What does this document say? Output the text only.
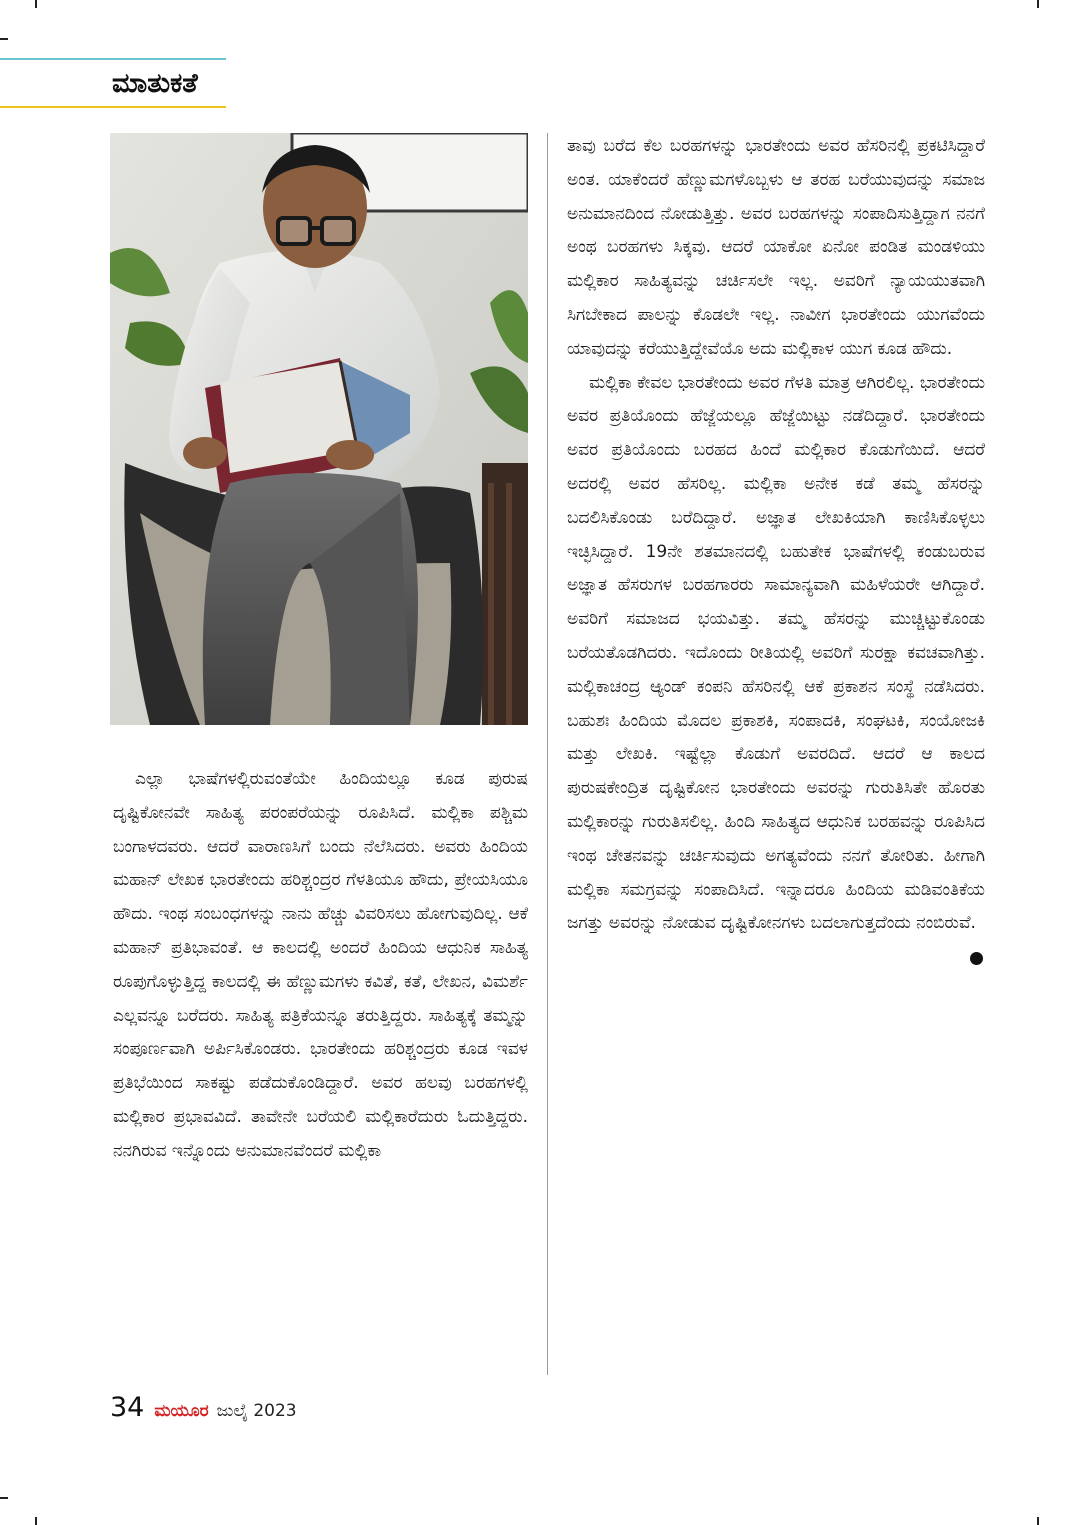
ಮಾತುಕತೆ

ಎಲ್ಲಾ ಭಾಷೆಗಳಲ್ಲಿರುವಂತೆಯೇ ಹಿಂದಿಯಲ್ಲೂ ಕೂಡ ಪುರುಷ ದೃಷ್ಟಿಕೋನವೇ ಸಾಹಿತ್ಯ ಪರಂಪರೆಯನ್ನು ರೂಪಿಸಿದೆ. ಮಲ್ಲಿಕಾ ಪಶ್ಚಿಮ ಬಂಗಾಳದವರು. ಆದರೆ ವಾರಾಣಸಿಗೆ ಬಂದು ನೆಲೆಸಿದರು. ಅವರು ಹಿಂದಿಯ ಮಹಾನ್ ಲೇಖಕ ಭಾರತೇಂದು ಹರಿಶ್ಚಂದ್ರರ ಗೆಳತಿಯೂ ಹೌದು, ಪ್ರೇಯಸಿಯೂ ಹೌದು. ಇಂಥ ಸಂಬಂಧಗಳನ್ನು ನಾನು ಹೆಚ್ಚು ವಿವರಿಸಲು ಹೋಗುವುದಿಲ್ಲ. ಆಕೆ ಮಹಾನ್ ಪ್ರತಿಭಾವಂತೆ. ಆ ಕಾಲದಲ್ಲಿ ಅಂದರೆ ಹಿಂದಿಯ ಆಧುನಿಕ ಸಾಹಿತ್ಯ ರೂಪುಗೊಳ್ಳುತ್ತಿದ್ದ ಕಾಲದಲ್ಲಿ ಈ ಹೆಣ್ಣುಮಗಳು ಕವಿತೆ, ಕತೆ, ಲೇಖನ, ವಿಮರ್ಶೆ ಎಲ್ಲವನ್ನೂ ಬರೆದರು. ಸಾಹಿತ್ಯ ಪತ್ರಿಕೆಯನ್ನೂ ತರುತ್ತಿದ್ದರು. ಸಾಹಿತ್ಯಕ್ಕೆ ತಮ್ಮನ್ನು ಸಂಪೂರ್ಣವಾಗಿ ಅರ್ಪಿಸಿಕೊಂಡರು. ಭಾರತೇಂದು ಹರಿಶ್ಚಂದ್ರರು ಕೂಡ ಇವಳ ಪ್ರತಿಭೆಯಿಂದ ಸಾಕಷ್ಟು ಪಡೆದುಕೊಂಡಿದ್ದಾರೆ. ಅವರ ಹಲವು ಬರಹಗಳಲ್ಲಿ ಮಲ್ಲಿಕಾರ ಪ್ರಭಾವವಿದೆ. ತಾವೇನೇ ಬರೆಯಲಿ ಮಲ್ಲಿಕಾರೆದುರು ಓದುತ್ತಿದ್ದರು. ನನಗಿರುವ ಇನ್ನೊಂದು ಅನುಮಾನವೆಂದರೆ ಮಲ್ಲಿಕಾ

ತಾವು ಬರೆದ ಕೆಲ ಬರಹಗಳನ್ನು ಭಾರತೇಂದು ಅವರ ಹೆಸರಿನಲ್ಲಿ ಪ್ರಕಟಿಸಿದ್ದಾರೆ ಅಂತ. ಯಾಕೆಂದರೆ ಹೆಣ್ಣುಮಗಳೊಬ್ಬಳು ಆ ತರಹ ಬರೆಯುವುದನ್ನು ಸಮಾಜ ಅನುಮಾನದಿಂದ ನೋಡುತ್ತಿತ್ತು. ಅವರ ಬರಹಗಳನ್ನು ಸಂಪಾದಿಸುತ್ತಿದ್ದಾಗ ನನಗೆ ಅಂಥ ಬರಹಗಳು ಸಿಕ್ಕವು. ಆದರೆ ಯಾಕೋ ಏನೋ ಪಂಡಿತ ಮಂಡಳಿಯು ಮಲ್ಲಿಕಾರ ಸಾಹಿತ್ಯವನ್ನು ಚರ್ಚಿಸಲೇ ಇಲ್ಲ. ಅವರಿಗೆ ನ್ಯಾಯಯುತವಾಗಿ ಸಿಗಬೇಕಾದ ಪಾಲನ್ನು ಕೊಡಲೇ ಇಲ್ಲ. ನಾವೀಗ ಭಾರತೇಂದು ಯುಗವೆಂದು ಯಾವುದನ್ನು ಕರೆಯುತ್ತಿದ್ದೇವೆಯೊ ಅದು ಮಲ್ಲಿಕಾಳ ಯುಗ ಕೂಡ ಹೌದು.

ಮಲ್ಲಿಕಾ ಕೇವಲ ಭಾರತೇಂದು ಅವರ ಗೆಳತಿ ಮಾತ್ರ ಆಗಿರಲಿಲ್ಲ. ಭಾರತೇಂದು ಅವರ ಪ್ರತಿಯೊಂದು ಹೆಜ್ಜೆಯಲ್ಲೂ ಹೆಜ್ಜೆಯಿಟ್ಟು ನಡೆದಿದ್ದಾರೆ. ಭಾರತೇಂದು ಅವರ ಪ್ರತಿಯೊಂದು ಬರಹದ ಹಿಂದೆ ಮಲ್ಲಿಕಾರ ಕೊಡುಗೆಯಿದೆ. ಆದರೆ ಅದರಲ್ಲಿ ಅವರ ಹೆಸರಿಲ್ಲ. ಮಲ್ಲಿಕಾ ಅನೇಕ ಕಡೆ ತಮ್ಮ ಹೆಸರನ್ನು ಬದಲಿಸಿಕೊಂಡು ಬರೆದಿದ್ದಾರೆ. ಅಜ್ಞಾತ ಲೇಖಕಿಯಾಗಿ ಕಾಣಿಸಿಕೊಳ್ಳಲು ಇಚ್ಛಿಸಿದ್ದಾರೆ. 19ನೇ ಶತಮಾನದಲ್ಲಿ ಬಹುತೇಕ ಭಾಷೆಗಳಲ್ಲಿ ಕಂಡುಬರುವ ಅಜ್ಞಾತ ಹೆಸರುಗಳ ಬರಹಗಾರರು ಸಾಮಾನ್ಯವಾಗಿ ಮಹಿಳೆಯರೇ ಆಗಿದ್ದಾರೆ. ಅವರಿಗೆ ಸಮಾಜದ ಭಯವಿತ್ತು. ತಮ್ಮ ಹೆಸರನ್ನು ಮುಚ್ಚಿಟ್ಟುಕೊಂಡು ಬರೆಯತೊಡಗಿದರು. ಇದೊಂದು ರೀತಿಯಲ್ಲಿ ಅವರಿಗೆ ಸುರಕ್ಷಾ ಕವಚವಾಗಿತ್ತು. ಮಲ್ಲಿಕಾಚಂದ್ರ ಆ್ಯಂಡ್ ಕಂಪನಿ ಹೆಸರಿನಲ್ಲಿ ಆಕೆ ಪ್ರಕಾಶನ ಸಂಸ್ಥೆ ನಡೆಸಿದರು. ಬಹುಶಃ ಹಿಂದಿಯ ಮೊದಲ ಪ್ರಕಾಶಕಿ, ಸಂಪಾದಕಿ, ಸಂಘಟಕಿ, ಸಂಯೋಜಕಿ ಮತ್ತು ಲೇಖಕಿ. ಇಷ್ಟೆಲ್ಲಾ ಕೊಡುಗೆ ಅವರದಿದೆ. ಆದರೆ ಆ ಕಾಲದ ಪುರುಷಕೇಂದ್ರಿತ ದೃಷ್ಟಿಕೋನ ಭಾರತೇಂದು ಅವರನ್ನು ಗುರುತಿಸಿತೇ ಹೊರತು ಮಲ್ಲಿಕಾರನ್ನು ಗುರುತಿಸಲಿಲ್ಲ. ಹಿಂದಿ ಸಾಹಿತ್ಯದ ಆಧುನಿಕ ಬರಹವನ್ನು ರೂಪಿಸಿದ ಇಂಥ ಚೇತನವನ್ನು ಚರ್ಚಿಸುವುದು ಅಗತ್ಯವೆಂದು ನನಗೆ ತೋರಿತು. ಹೀಗಾಗಿ ಮಲ್ಲಿಕಾ ಸಮಗ್ರವನ್ನು ಸಂಪಾದಿಸಿದೆ. ಇನ್ನಾದರೂ ಹಿಂದಿಯ ಮಡಿವಂತಿಕೆಯ ಜಗತ್ತು ಅವರನ್ನು ನೋಡುವ ದೃಷ್ಟಿಕೋನಗಳು ಬದಲಾಗುತ್ತದೆಂದು ನಂಬಿರುವೆ.

34 ಮಯೂರ ಜುಲೈ 2023
